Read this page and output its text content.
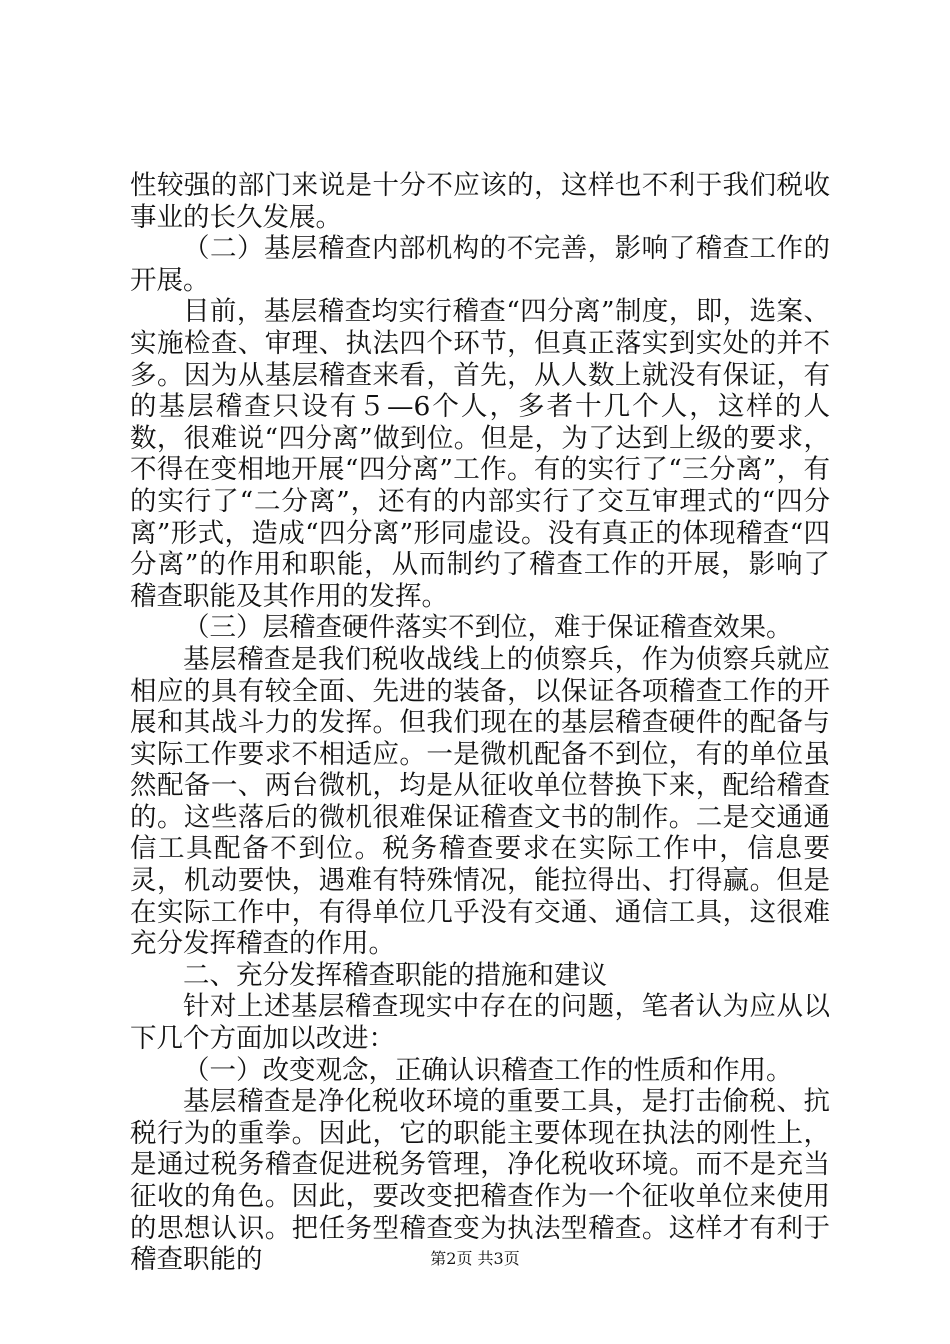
性较强的部门来说是十分不应该的，这样也不利于我们税收事业的长久发展。

（二）基层稽查内部机构的不完善，影响了稽查工作的开展。

目前，基层稽查均实行稽查“四分离”制度，即，选案、实施检查、审理、执法四个环节，但真正落实到实处的并不多。因为从基层稽查来看，首先，从人数上就没有保证，有的基层稽查只设有５—6个人，多者十几个人，这样的人数，很难说“四分离”做到位。但是，为了达到上级的要求，不得在变相地开展“四分离”工作。有的实行了“三分离”，有的实行了“二分离”，还有的内部实行了交互审理式的“四分离”形式，造成“四分离”形同虚设。没有真正的体现稽查“四分离”的作用和职能，从而制约了稽查工作的开展，影响了稽查职能及其作用的发挥。

（三）层稽查硬件落实不到位，难于保证稽查效果。

基层稽查是我们税收战线上的侦察兵，作为侦察兵就应相应的具有较全面、先进的装备，以保证各项稽查工作的开展和其战斗力的发挥。但我们现在的基层稽查硬件的配备与实际工作要求不相适应。一是微机配备不到位，有的单位虽然配备一、两台微机，均是从征收单位替换下来，配给稽查的。这些落后的微机很难保证稽查文书的制作。二是交通通信工具配备不到位。税务稽查要求在实际工作中，信息要灵，机动要快，遇难有特殊情况，能拉得出、打得赢。但是在实际工作中，有得单位几乎没有交通、通信工具，这很难充分发挥稽查的作用。

二、充分发挥稽查职能的措施和建议

针对上述基层稽查现实中存在的问题，笔者认为应从以下几个方面加以改进：

（一）改变观念，正确认识稽查工作的性质和作用。

基层稽查是净化税收环境的重要工具，是打击偷税、抗税行为的重拳。因此，它的职能主要体现在执法的刚性上，是通过税务稽查促进税务管理，净化税收环境。而不是充当征收的角色。因此，要改变把稽查作为一个征收单位来使用的思想认识。把任务型稽查变为执法型稽查。这样才有利于稽查职能的	第2页 共3页
